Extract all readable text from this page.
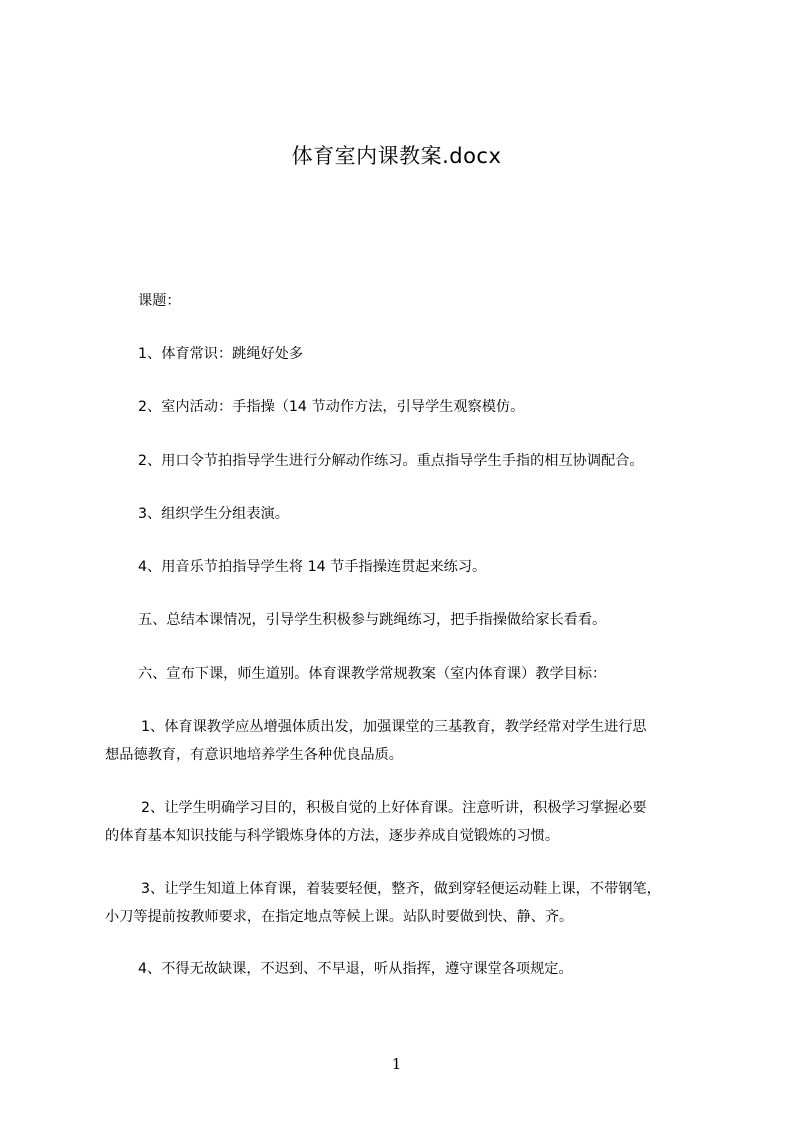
体育室内课教案.docx
课题：
1、体育常识：跳绳好处多
2、室内活动：手指操（14 节动作方法，引导学生观察模仿。
2、用口令节拍指导学生进行分解动作练习。重点指导学生手指的相互协调配合。
3、组织学生分组表演。
4、用音乐节拍指导学生将 14 节手指操连贯起来练习。
五、总结本课情况，引导学生积极参与跳绳练习，把手指操做给家长看看。
六、宣布下课，师生道别。体育课教学常规教案（室内体育课）教学目标：
1、体育课教学应丛增强体质出发，加强课堂的三基教育，教学经常对学生进行思
想品德教育，有意识地培养学生各种优良品质。
2、让学生明确学习目的，积极自觉的上好体育课。注意听讲，积极学习掌握必要
的体育基本知识技能与科学锻炼身体的方法，逐步养成自觉锻炼的习惯。
3、让学生知道上体育课，着装要轻便，整齐，做到穿轻便运动鞋上课，不带钢笔，
小刀等提前按教师要求，在指定地点等候上课。站队时要做到快、静、齐。
4、不得无故缺课，不迟到、不早退，听从指挥，遵守课堂各项规定。
1
